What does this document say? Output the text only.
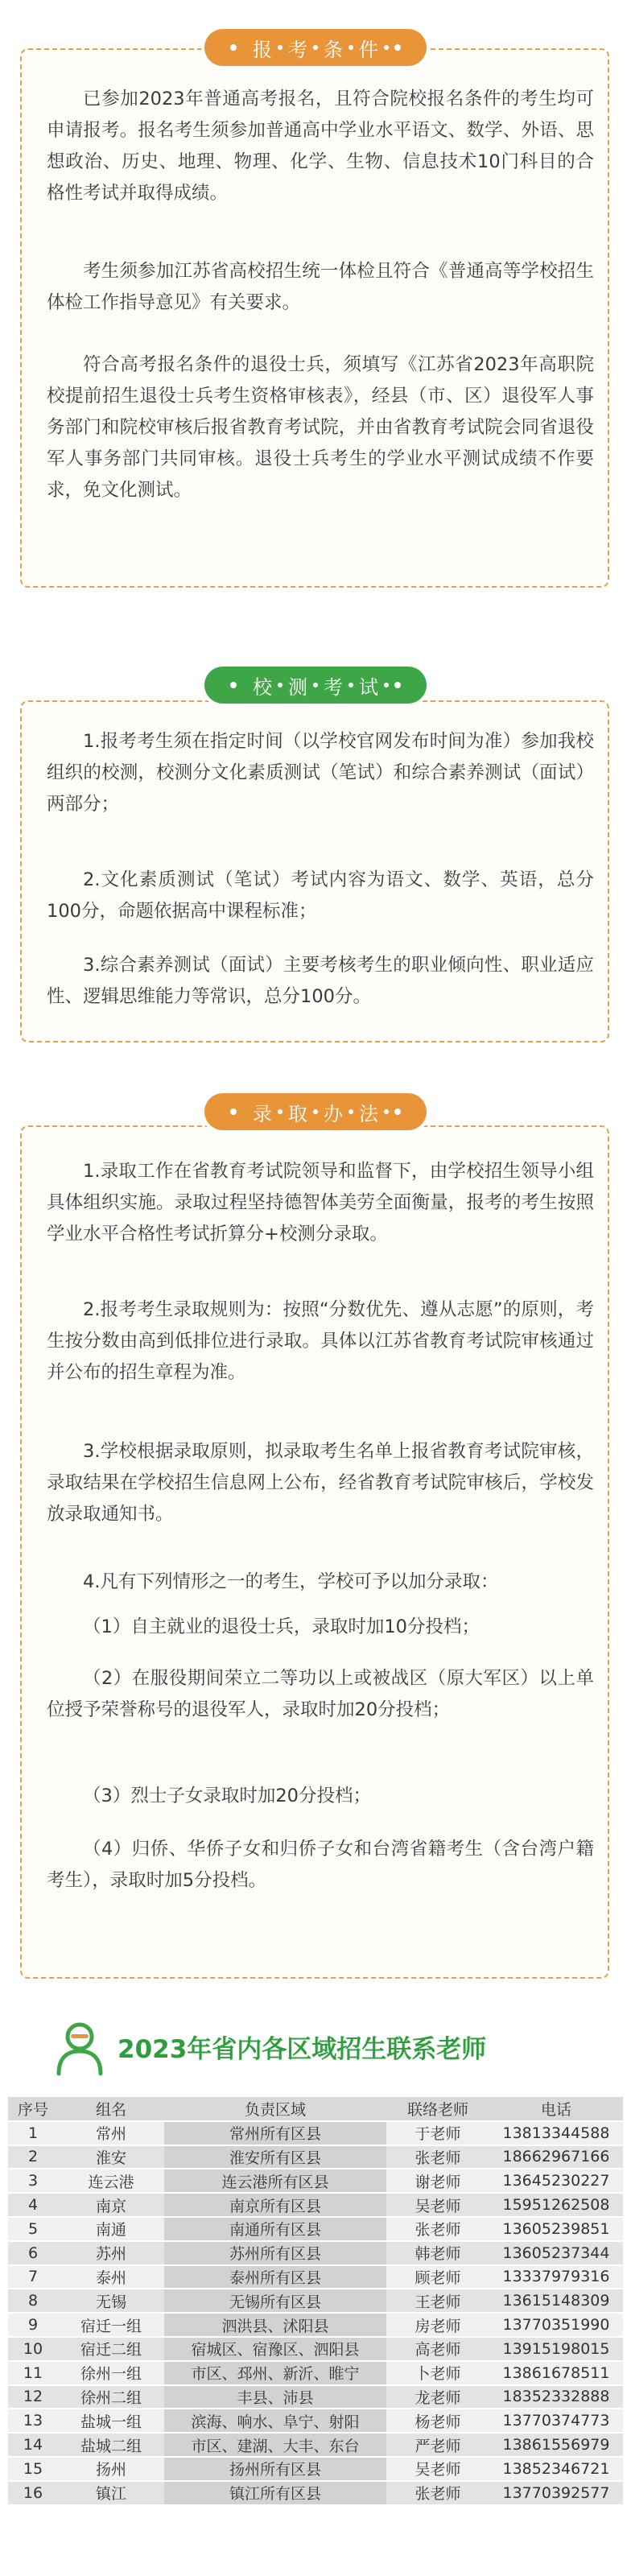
报 考 条 件

已参加2023年普通高考报名，且符合院校报名条件的考生均可申请报考。报名考生须参加普通高中学业水平语文、数学、外语、思想政治、历史、地理、物理、化学、生物、信息技术10门科目的合格性考试并取得成绩。

考生须参加江苏省高校招生统一体检且符合《普通高等学校招生体检工作指导意见》有关要求。

符合高考报名条件的退役士兵，须填写《江苏省2023年高职院校提前招生退役士兵考生资格审核表》，经县（市、区）退役军人事务部门和院校审核后报省教育考试院，并由省教育考试院会同省退役军人事务部门共同审核。退役士兵考生的学业水平测试成绩不作要求，免文化测试。

校 测 考 试

1.报考考生须在指定时间（以学校官网发布时间为准）参加我校组织的校测，校测分文化素质测试（笔试）和综合素养测试（面试）两部分；

2.文化素质测试（笔试）考试内容为语文、数学、英语，总分100分，命题依据高中课程标准；

3.综合素养测试（面试）主要考核考生的职业倾向性、职业适应性、逻辑思维能力等常识，总分100分。

录 取 办 法

1.录取工作在省教育考试院领导和监督下，由学校招生领导小组具体组织实施。录取过程坚持德智体美劳全面衡量，报考的考生按照学业水平合格性考试折算分+校测分录取。

2.报考考生录取规则为：按照“分数优先、遵从志愿”的原则，考生按分数由高到低排位进行录取。具体以江苏省教育考试院审核通过并公布的招生章程为准。

3.学校根据录取原则，拟录取考生名单上报省教育考试院审核，录取结果在学校招生信息网上公布，经省教育考试院审核后，学校发放录取通知书。

4.凡有下列情形之一的考生，学校可予以加分录取：

（1）自主就业的退役士兵，录取时加10分投档；

（2）在服役期间荣立二等功以上或被战区（原大军区）以上单位授予荣誉称号的退役军人，录取时加20分投档；

（3）烈士子女录取时加20分投档；

（4）归侨、华侨子女和归侨子女和台湾省籍考生（含台湾户籍考生），录取时加5分投档。

2023年省内各区域招生联系老师
序号	组名	负责区域	联络老师	电话
1	常州	常州所有区县	于老师	13813344588
2	淮安	淮安所有区县	张老师	18662967166
3	连云港	连云港所有区县	谢老师	13645230227
4	南京	南京所有区县	吴老师	15951262508
5	南通	南通所有区县	张老师	13605239851
6	苏州	苏州所有区县	韩老师	13605237344
7	泰州	泰州所有区县	顾老师	13337979316
8	无锡	无锡所有区县	王老师	13615148309
9	宿迁一组	泗洪县、沭阳县	房老师	13770351990
10	宿迁二组	宿城区、宿豫区、泗阳县	高老师	13915198015
11	徐州一组	市区、邳州、新沂、睢宁	卜老师	13861678511
12	徐州二组	丰县、沛县	龙老师	18352332888
13	盐城一组	滨海、响水、阜宁、射阳	杨老师	13770374773
14	盐城二组	市区、建湖、大丰、东台	严老师	13861556979
15	扬州	扬州所有区县	吴老师	13852346721
16	镇江	镇江所有区县	张老师	13770392577
